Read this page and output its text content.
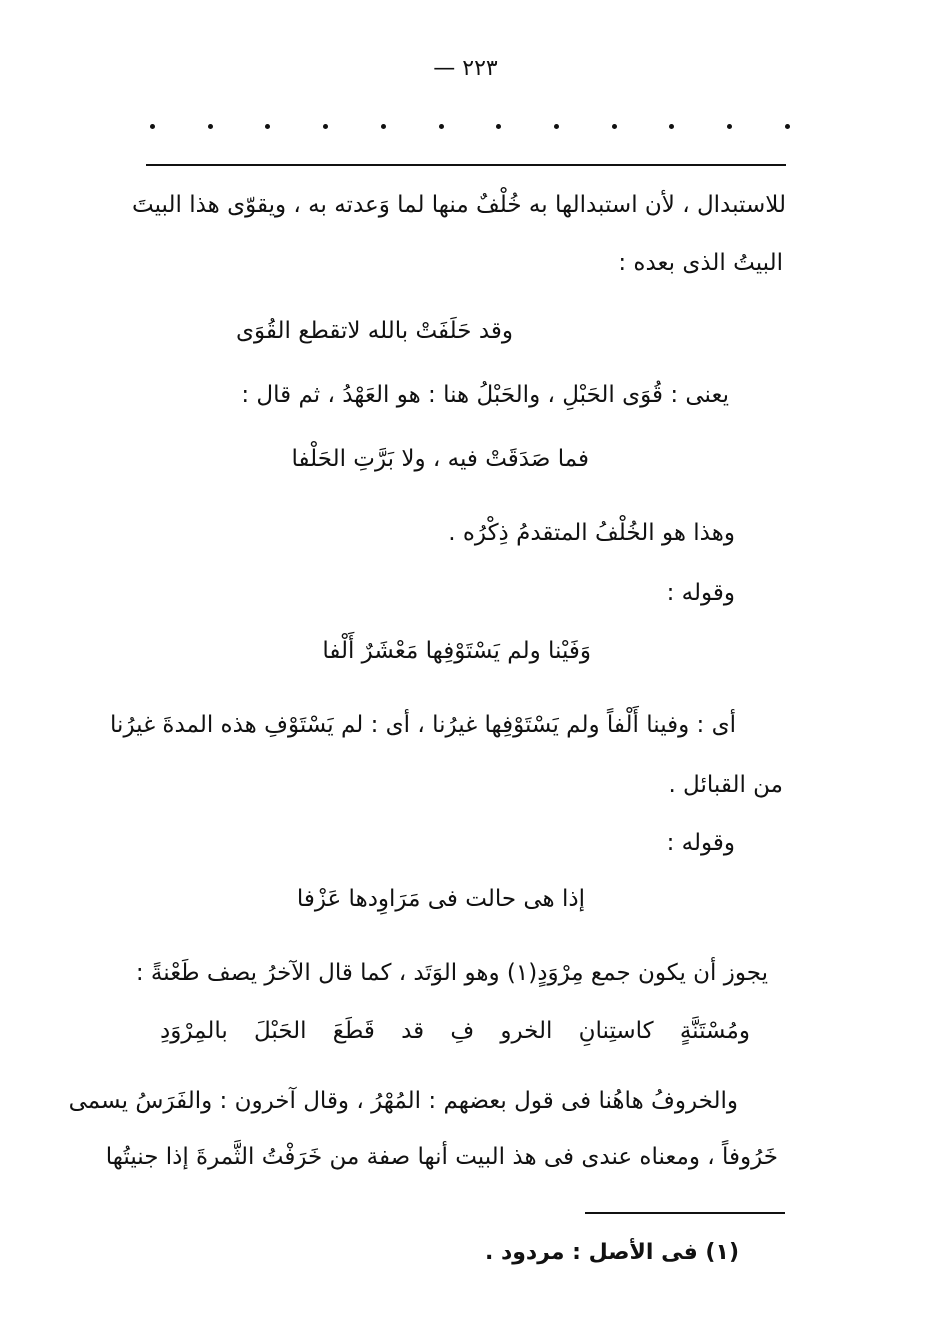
— ٢٢٣
للاستبدال ، لأن استبدالها به خُلْفٌ منها لما وَعدته به ، ويقوّى هذا البيتَ
البيتُ الذى بعده :
وقد حَلَفَتْ بالله لاتقطع القُوَى
يعنى : قُوَى الحَبْلِ ، والحَبْلُ هنا : هو العَهْدُ ، ثم قال :
فما صَدَقَتْ فيه ، ولا بَرَّتِ الحَلْفا
وهذا هو الخُلْفُ المتقدمُ ذِكْرُه .
وقوله :
وَفَيْنا ولم يَسْتَوْفِها مَعْشَرٌ أَلْفا
أى : وفينا أَلْفاً ولم يَسْتَوْفِها غيرُنا ، أى : لم يَسْتَوْفِ هذه المدةَ غيرُنا
من القبائل .
وقوله :
إذا هى حالت فى مَرَاوِدها عَزْفا
يجوز أن يكون جمع مِرْوَدٍ(١) وهو الوَتَد ، كما قال الآخرُ يصف طَعْنةً :
ومُسْتَنَّةٍ كاستِنانِ الخرو فِ قد قَطَعَ الحَبْلَ بالمِرْوَدِ
والخروفُ هاهُنا فى قول بعضهم : المُهْرُ ، وقال آخرون : والفَرَسُ يسمى
خَرُوفاً ، ومعناه عندى فى هذ البيت أنها صفة من خَرَفْتُ الثَّمرةَ إذا جنيتُها
(١) فى الأصل : مردود .
